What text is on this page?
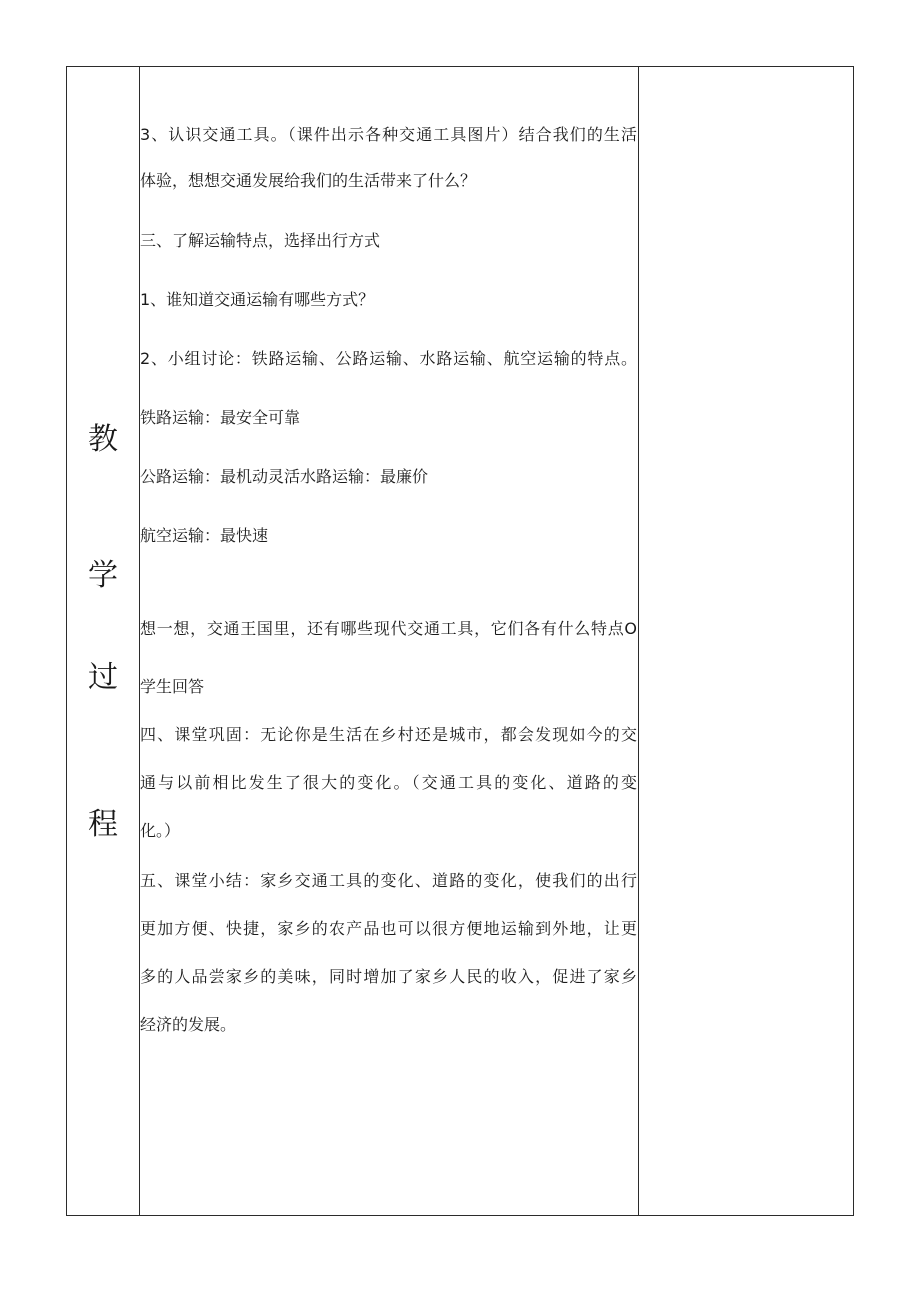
教
学
过
程
3、认识交通工具。（课件出示各种交通工具图片）结合我们的生活
体验，想想交通发展给我们的生活带来了什么？
三、了解运输特点，选择出行方式
1、谁知道交通运输有哪些方式？
2、小组讨论：铁路运输、公路运输、水路运输、航空运输的特点。
铁路运输：最安全可靠
公路运输：最机动灵活水路运输：最廉价
航空运输：最快速
想一想，交通王国里，还有哪些现代交通工具，它们各有什么特点O
学生回答
四、课堂巩固：无论你是生活在乡村还是城市，都会发现如今的交
通与以前相比发生了很大的变化。（交通工具的变化、道路的变
化。）
五、课堂小结：家乡交通工具的变化、道路的变化，使我们的出行
更加方便、快捷，家乡的农产品也可以很方便地运输到外地，让更
多的人品尝家乡的美味，同时增加了家乡人民的收入，促进了家乡
经济的发展。
